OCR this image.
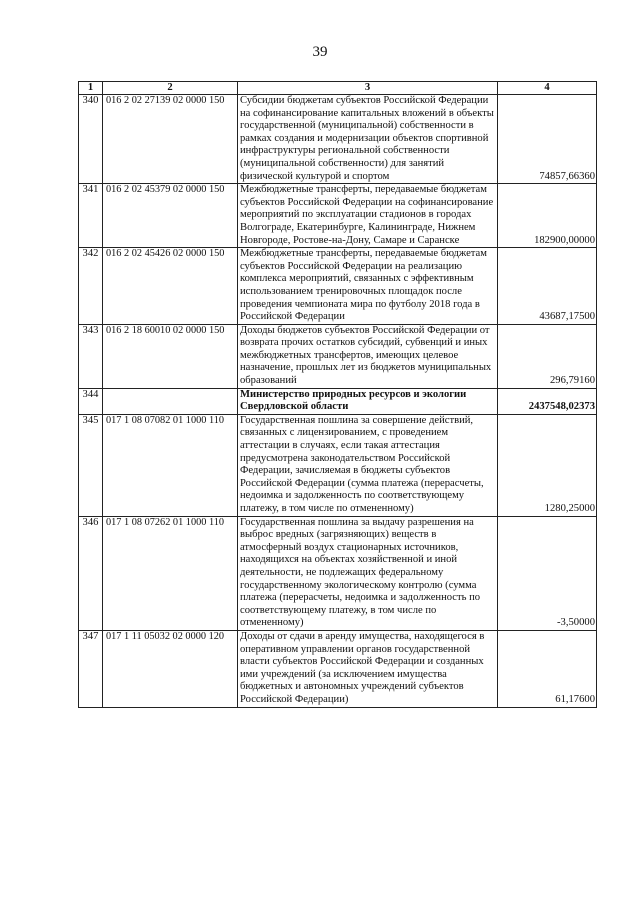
39
1	2	3	4
340	016 2 02 27139 02 0000 150	Субсидии бюджетам субъектов Российской Федерации на софинансирование капитальных вложений в объекты государственной (муниципальной) собственности в рамках создания и модернизации объектов спортивной инфраструктуры региональной собственности (муниципальной собственности) для занятий физической культурой и спортом	74857,66360
341	016 2 02 45379 02 0000 150	Межбюджетные трансферты, передаваемые бюджетам субъектов Российской Федерации на софинансирование мероприятий по эксплуатации стадионов в городах Волгограде, Екатеринбурге, Калининграде, Нижнем Новгороде, Ростове-на-Дону, Самаре и Саранске	182900,00000
342	016 2 02 45426 02 0000 150	Межбюджетные трансферты, передаваемые бюджетам субъектов Российской Федерации на реализацию комплекса мероприятий, связанных с эффективным использованием тренировочных площадок после проведения чемпионата мира по футболу 2018 года в Российской Федерации	43687,17500
343	016 2 18 60010 02 0000 150	Доходы бюджетов субъектов Российской Федерации от возврата прочих остатков субсидий, субвенций и иных межбюджетных трансфертов, имеющих целевое назначение, прошлых лет из бюджетов муниципальных образований	296,79160
344		Министерство природных ресурсов и экологии Свердловской области	2437548,02373
345	017 1 08 07082 01 1000 110	Государственная пошлина за совершение действий, связанных с лицензированием, с проведением аттестации в случаях, если такая аттестация предусмотрена законодательством Российской Федерации, зачисляемая в бюджеты субъектов Российской Федерации (сумма платежа (перерасчеты, недоимка и задолженность по соответствующему платежу, в том числе по отмененному)	1280,25000
346	017 1 08 07262 01 1000 110	Государственная пошлина за выдачу разрешения на выброс вредных (загрязняющих) веществ в атмосферный воздух стационарных источников, находящихся на объектах хозяйственной и иной деятельности, не подлежащих федеральному государственному экологическому контролю (сумма платежа (перерасчеты, недоимка и задолженность по соответствующему платежу, в том числе по отмененному)	-3,50000
347	017 1 11 05032 02 0000 120	Доходы от сдачи в аренду имущества, находящегося в оперативном управлении органов государственной власти субъектов Российской Федерации и созданных ими учреждений (за исключением имущества бюджетных и автономных учреждений субъектов Российской Федерации)	61,17600
